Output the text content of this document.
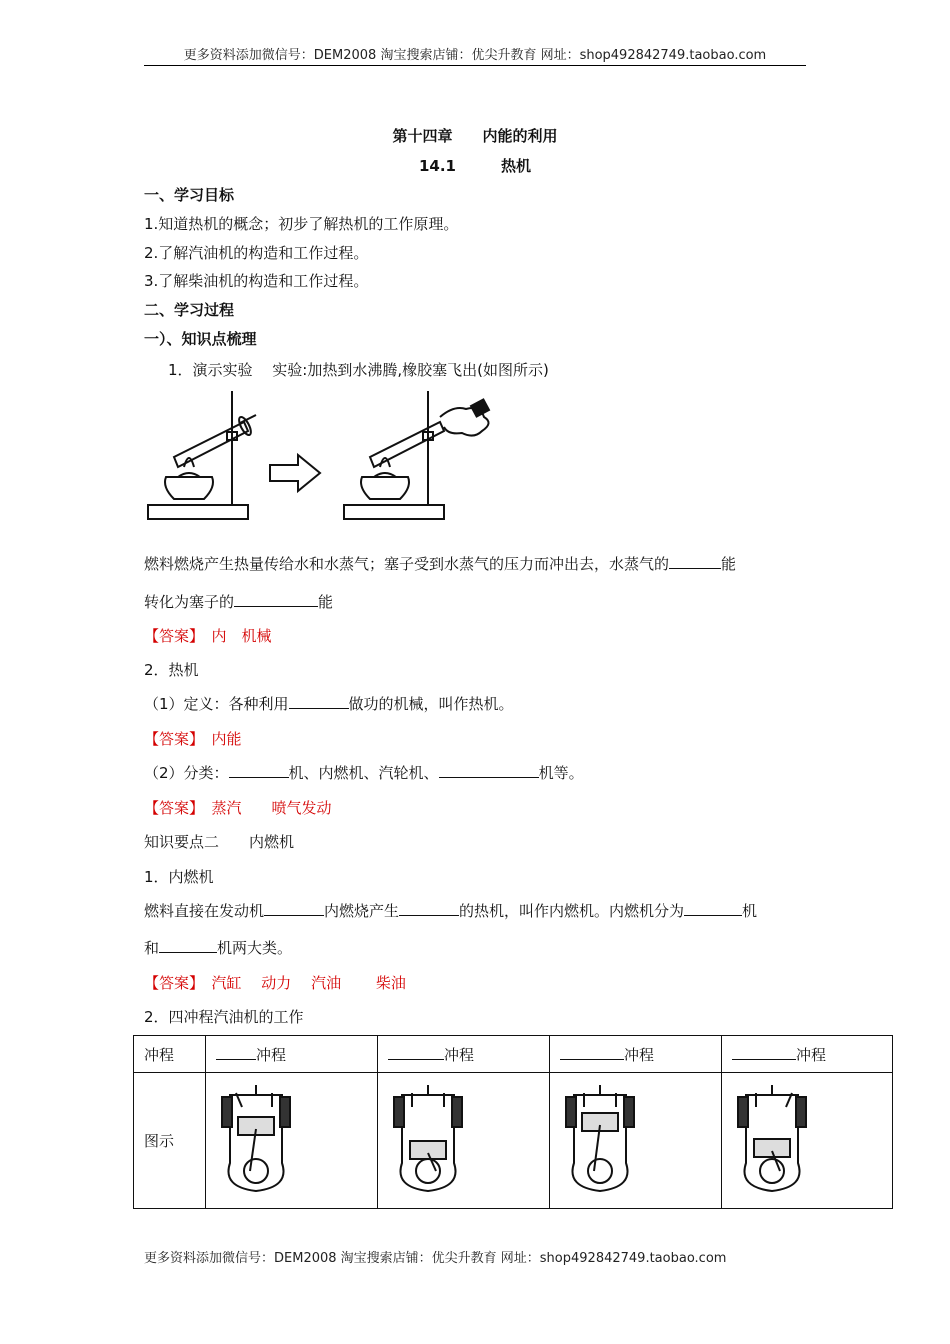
更多资料添加微信号：DEM2008 淘宝搜索店铺：优尖升教育 网址：shop492842749.taobao.com
第十四章　　内能的利用
14.1　　　热机
一、学习目标
1.知道热机的概念；初步了解热机的工作原理。
2.了解汽油机的构造和工作过程。
3.了解柴油机的构造和工作过程。
二、学习过程
一）、知识点梳理
1．演示实验　 实验:加热到水沸腾,橡胶塞飞出(如图所示)
燃料燃烧产生热量传给水和水蒸气；塞子受到水蒸气的压力而冲出去，水蒸气的	能
转化为塞子的	能
【答案】　 内　机械
2．热机
（1）定义：各种利用	做功的机械，叫作热机。
【答案】　 内能
（2）分类：	机、内燃机、汽轮机、	机等。
【答案】　 蒸汽　　喷气发动
知识要点二　　内燃机
1．内燃机
燃料直接在发动机	内燃烧产生	的热机，叫作内燃机。内燃机分为	机
和	机两大类。
【答案】　 汽缸　 动力　 汽油　　 柴油
2．四冲程汽油机的工作
冲程	冲程	冲程	冲程	冲程
图示				
更多资料添加微信号：DEM2008 淘宝搜索店铺：优尖升教育 网址：shop492842749.taobao.com
